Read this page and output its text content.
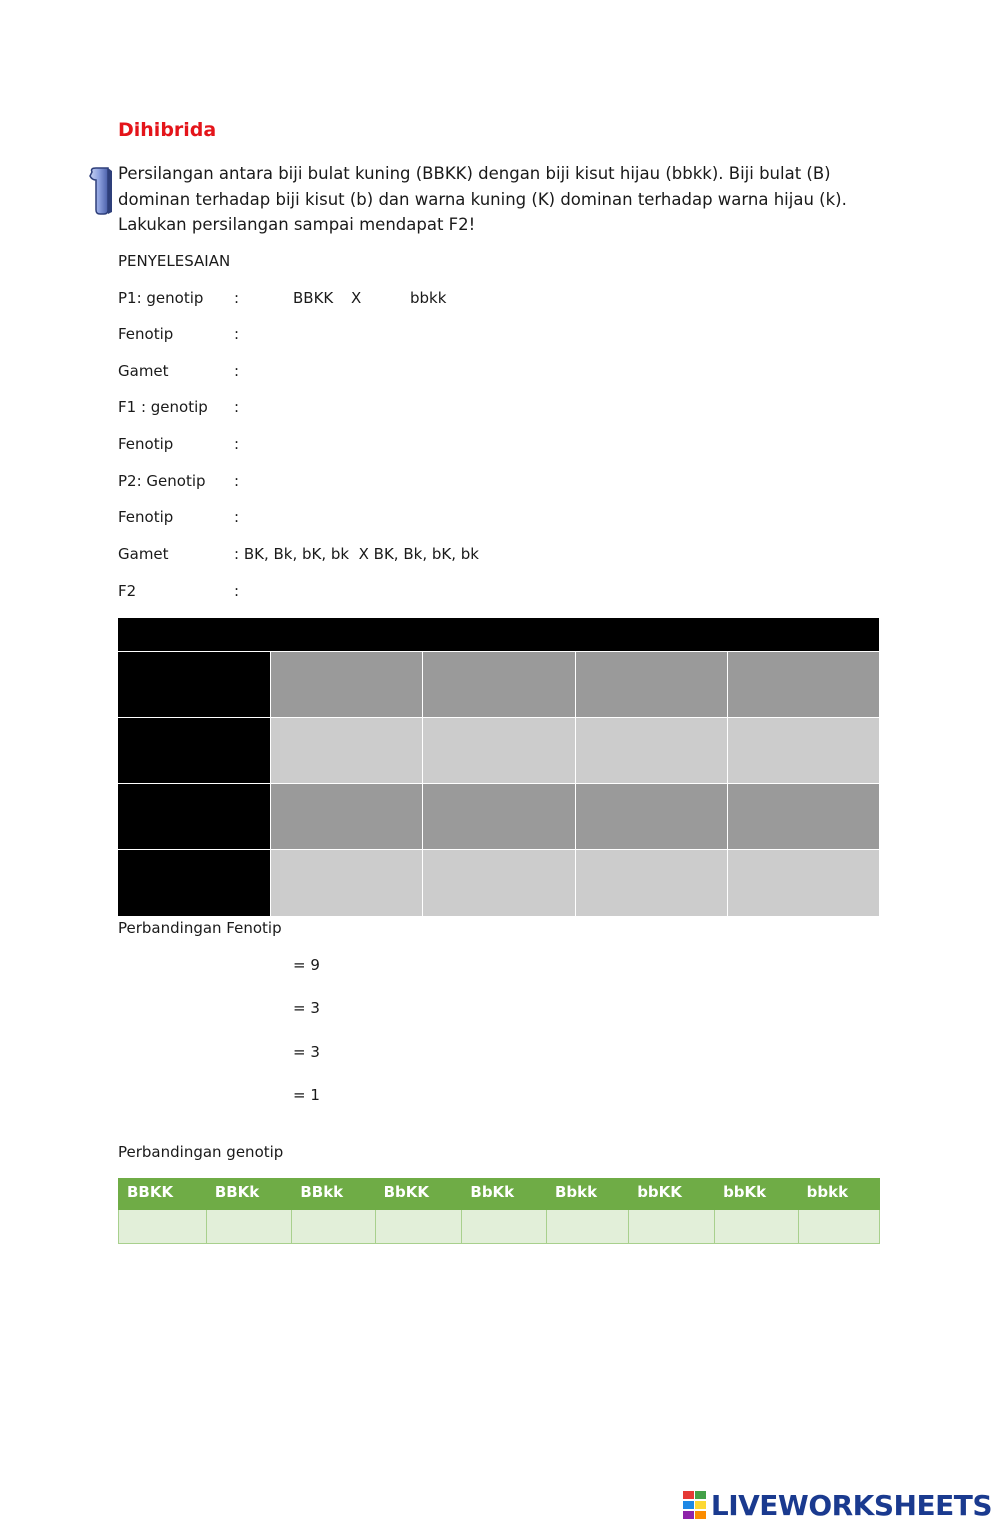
Dihibrida
Persilangan antara biji bulat kuning (BBKK) dengan biji kisut hijau (bbkk). Biji bulat (B) dominan terhadap biji kisut (b) dan warna kuning (K) dominan terhadap warna hijau (k). Lakukan persilangan sampai mendapat F2!
PENYELESAIAN
P1: genotip :	BBKK X	bbkk
Fenotip	:
Gamet	:
F1 : genotip :
Fenotip	:
P2: Genotip :
Fenotip	:
Gamet	: BK, Bk, bK, bk  X BK, Bk, bK, bk
F2	:
Perbandingan Fenotip
= 9
= 3
= 3
= 1
Perbandingan genotip
BBKK	BBKk	BBkk	BbKK	BbKk	Bbkk	bbKK	bbKk	bbkk

LIVEWORKSHEETS
